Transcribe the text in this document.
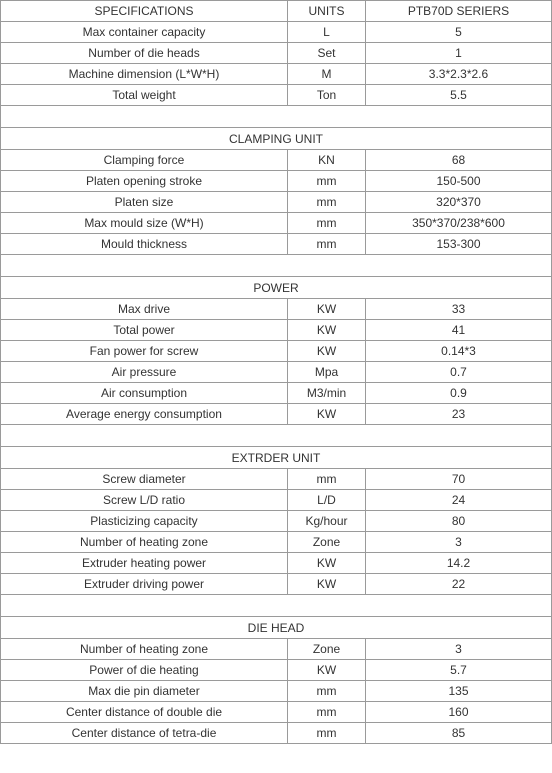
SPECIFICATIONS	UNITS	PTB70D SERIERS
Max container capacity	L	5
Number of die heads	Set	1
Machine dimension (L*W*H)	M	3.3*2.3*2.6
Total weight	Ton	5.5

CLAMPING UNIT		
Clamping force	KN	68
Platen opening stroke	mm	150-500
Platen size	mm	320*370
Max mould size (W*H)	mm	350*370/238*600
Mould thickness	mm	153-300

POWER		
Max drive	KW	33
Total power	KW	41
Fan power for screw	KW	0.14*3
Air pressure	Mpa	0.7
Air consumption	M3/min	0.9
Average energy consumption	KW	23

EXTRDER UNIT		
Screw diameter	mm	70
Screw L/D ratio	L/D	24
Plasticizing capacity	Kg/hour	80
Number of heating zone	Zone	3
Extruder heating power	KW	14.2
Extruder driving power	KW	22

DIE HEAD		
Number of heating zone	Zone	3
Power of die heating	KW	5.7
Max die pin diameter	mm	135
Center distance of double die	mm	160
Center distance of tetra-die	mm	85
